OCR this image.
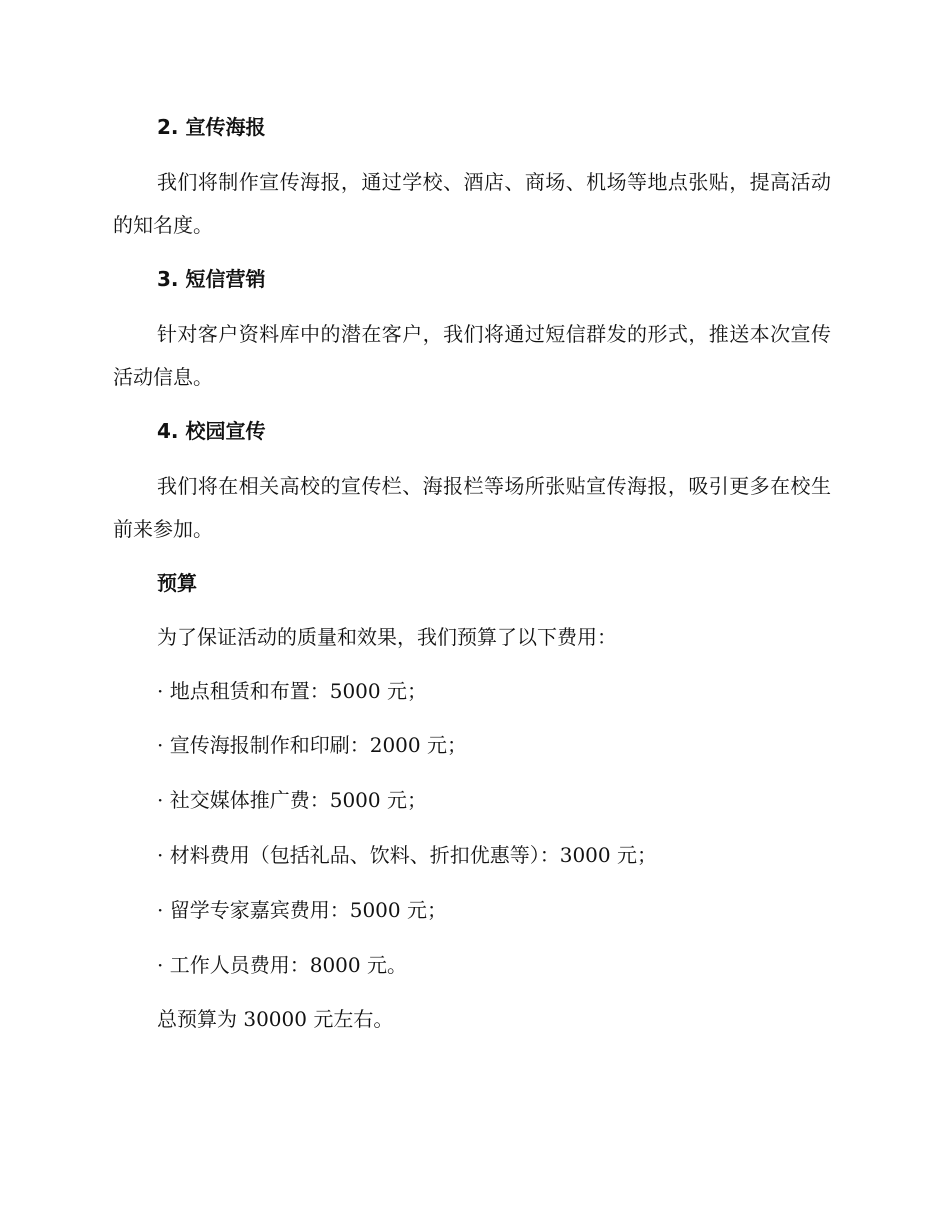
2. 宣传海报

我们将制作宣传海报，通过学校、酒店、商场、机场等地点张贴，提高活动的知名度。

3. 短信营销

针对客户资料库中的潜在客户，我们将通过短信群发的形式，推送本次宣传活动信息。

4. 校园宣传

我们将在相关高校的宣传栏、海报栏等场所张贴宣传海报，吸引更多在校生前来参加。

预算

为了保证活动的质量和效果，我们预算了以下费用：

· 地点租赁和布置：5000 元；

· 宣传海报制作和印刷：2000 元；

· 社交媒体推广费：5000 元；

· 材料费用（包括礼品、饮料、折扣优惠等）：3000 元；

· 留学专家嘉宾费用：5000 元；

· 工作人员费用：8000 元。

总预算为 30000 元左右。
